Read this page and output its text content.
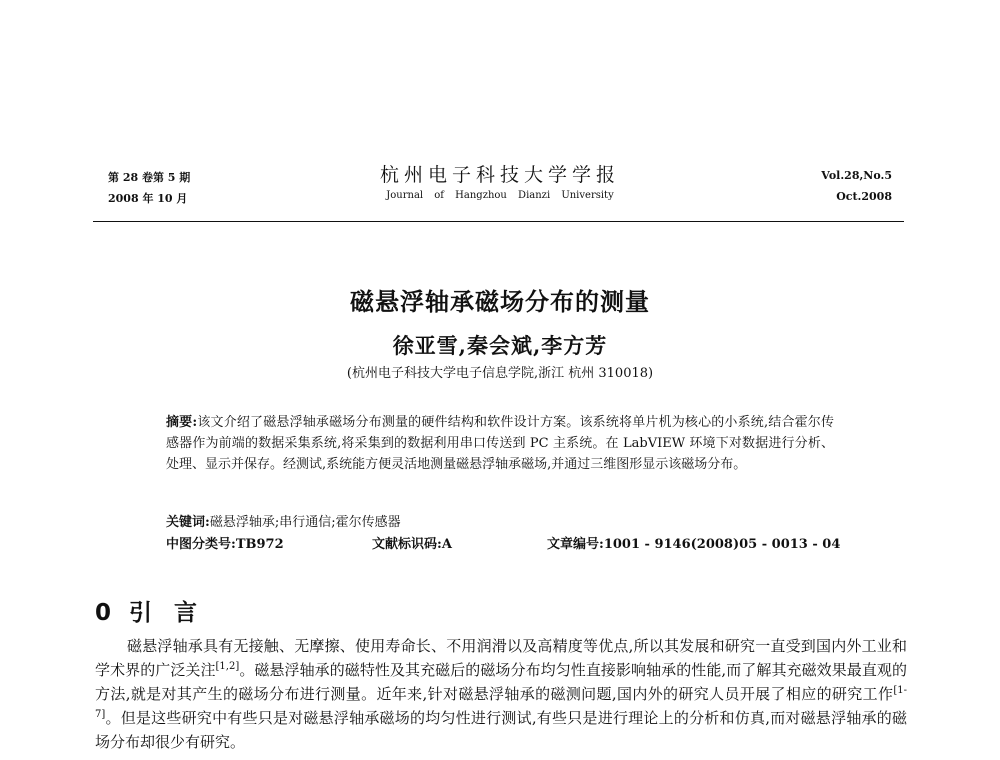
第 28 卷第 5 期
2008 年 10 月
杭州电子科技大学学报
Journal of Hangzhou Dianzi University
Vol.28,No.5
Oct.2008
磁悬浮轴承磁场分布的测量
徐亚雪,秦会斌,李方芳
(杭州电子科技大学电子信息学院,浙江 杭州 310018)
摘要:该文介绍了磁悬浮轴承磁场分布测量的硬件结构和软件设计方案。该系统将单片机为核心的小系统,结合霍尔传感器作为前端的数据采集系统,将采集到的数据利用串口传送到 PC 主系统。在 LabVIEW 环境下对数据进行分析、处理、显示并保存。经测试,系统能方便灵活地测量磁悬浮轴承磁场,并通过三维图形显示该磁场分布。
关键词:磁悬浮轴承;串行通信;霍尔传感器
中图分类号:TB972	文献标识码:A	文章编号:1001 - 9146(2008)05 - 0013 - 04
0 引言
磁悬浮轴承具有无接触、无摩擦、使用寿命长、不用润滑以及高精度等优点,所以其发展和研究一直受到国内外工业和学术界的广泛关注[1,2]。磁悬浮轴承的磁特性及其充磁后的磁场分布均匀性直接影响轴承的性能,而了解其充磁效果最直观的方法,就是对其产生的磁场分布进行测量。近年来,针对磁悬浮轴承的磁测问题,国内外的研究人员开展了相应的研究工作[1-7]。但是这些研究中有些只是对磁悬浮轴承磁场的均匀性进行测试,有些只是进行理论上的分析和仿真,而对磁悬浮轴承的磁场分布却很少有研究。
